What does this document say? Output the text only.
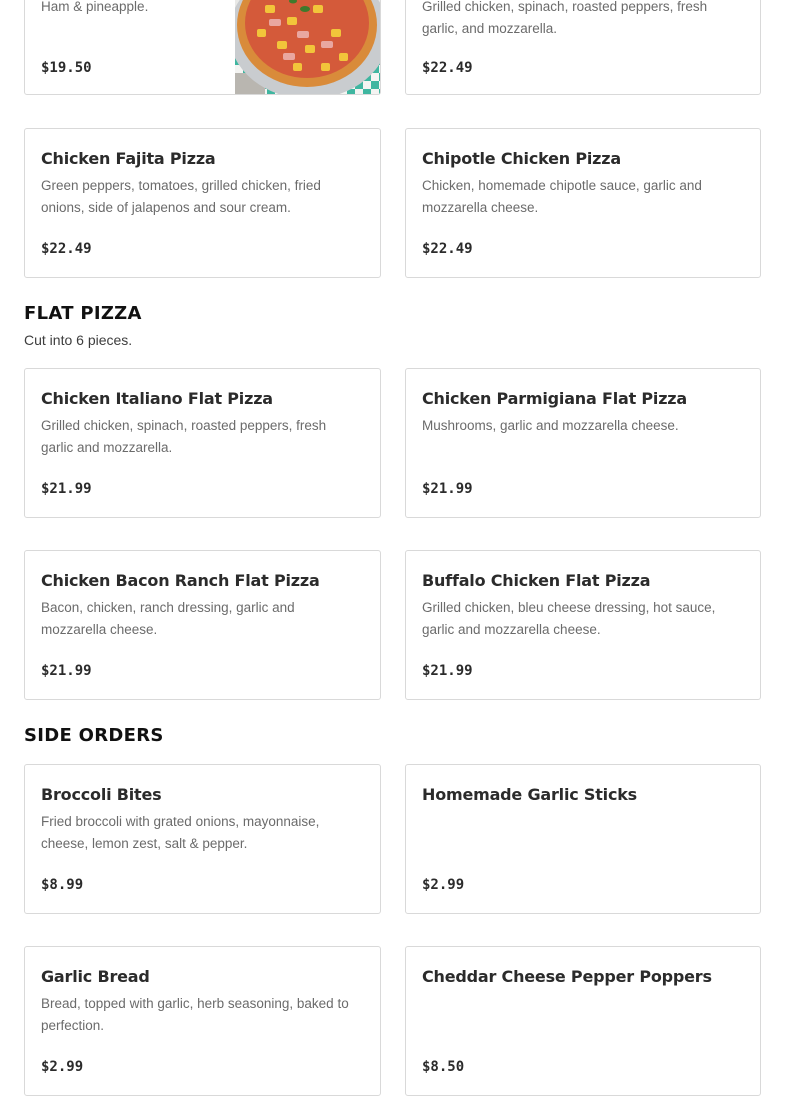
Ham & pineapple.
$19.50
Grilled chicken, spinach, roasted peppers, fresh garlic, and mozzarella.
$22.49
Chicken Fajita Pizza
Green peppers, tomatoes, grilled chicken, fried onions, side of jalapenos and sour cream.
$22.49
Chipotle Chicken Pizza
Chicken, homemade chipotle sauce, garlic and mozzarella cheese.
$22.49
FLAT PIZZA
Cut into 6 pieces.
Chicken Italiano Flat Pizza
Grilled chicken, spinach, roasted peppers, fresh garlic and mozzarella.
$21.99
Chicken Parmigiana Flat Pizza
Mushrooms, garlic and mozzarella cheese.
$21.99
Chicken Bacon Ranch Flat Pizza
Bacon, chicken, ranch dressing, garlic and mozzarella cheese.
$21.99
Buffalo Chicken Flat Pizza
Grilled chicken, bleu cheese dressing, hot sauce, garlic and mozzarella cheese.
$21.99
SIDE ORDERS
Broccoli Bites
Fried broccoli with grated onions, mayonnaise, cheese, lemon zest, salt & pepper.
$8.99
Homemade Garlic Sticks
$2.99
Garlic Bread
Bread, topped with garlic, herb seasoning, baked to perfection.
$2.99
Cheddar Cheese Pepper Poppers
$8.50
